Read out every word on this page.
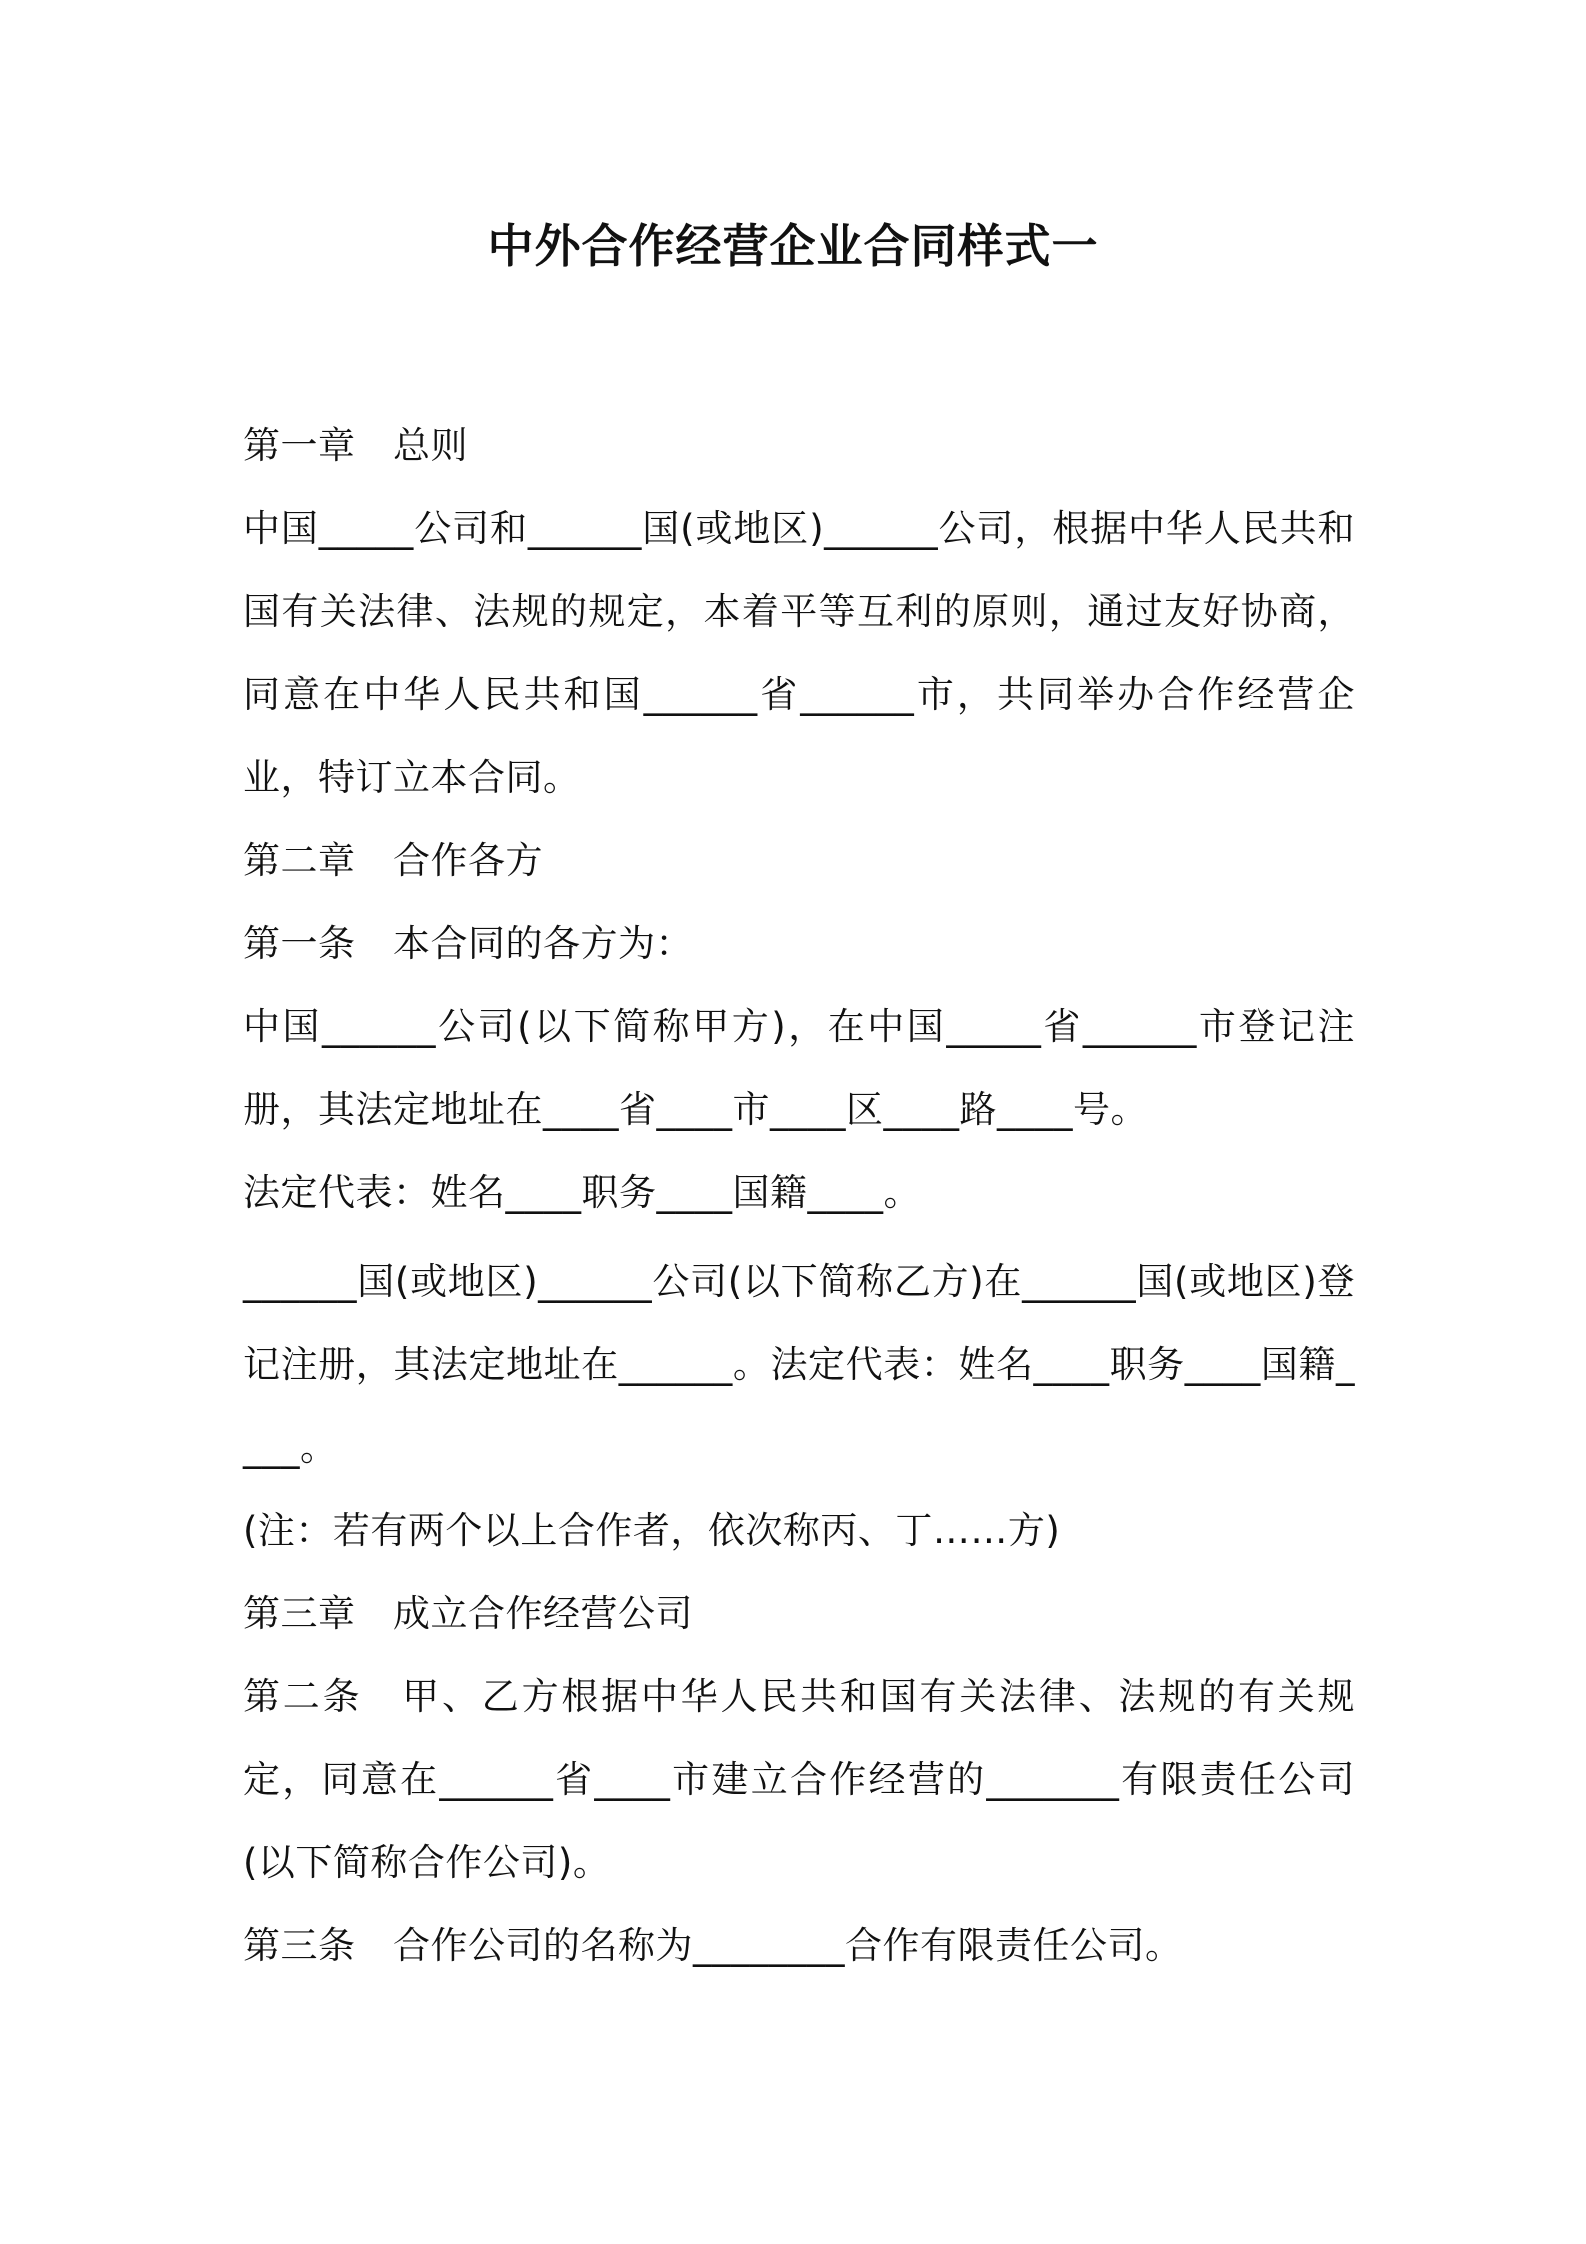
中外合作经营企业合同样式一

第一章　总则

中国_____公司和______国(或地区)______公司，根据中华人民共和国有关法律、法规的规定，本着平等互利的原则，通过友好协商，同意在中华人民共和国______省______市，共同举办合作经营企业，特订立本合同。

第二章　合作各方

第一条　本合同的各方为：

中国______公司(以下简称甲方)，在中国_____省______市登记注册，其法定地址在____省____市____区____路____号。

法定代表：姓名____职务____国籍____。

______国(或地区)______公司(以下简称乙方)在______国(或地区)登记注册，其法定地址在______。法定代表：姓名____职务____国籍____。

(注：若有两个以上合作者，依次称丙、丁……方)

第三章　成立合作经营公司

第二条　甲、乙方根据中华人民共和国有关法律、法规的有关规定，同意在______省____市建立合作经营的_______有限责任公司(以下简称合作公司)。

第三条　合作公司的名称为________合作有限责任公司。
